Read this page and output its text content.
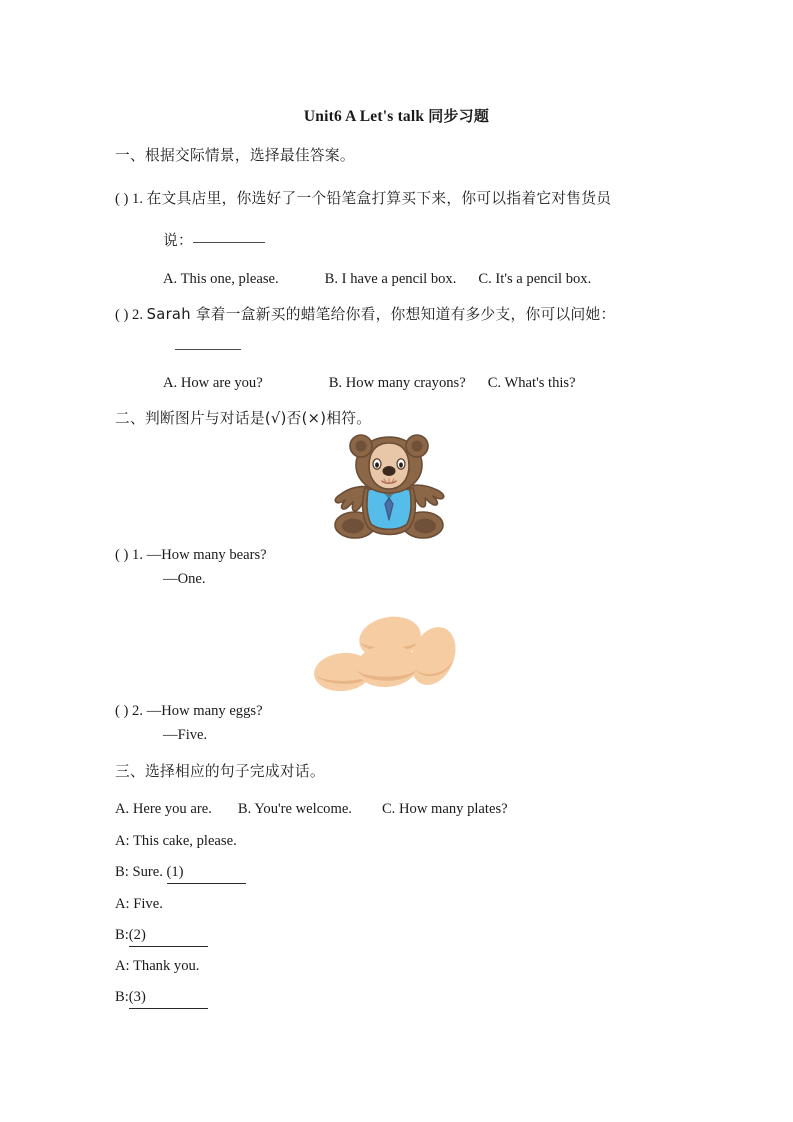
Unit6 A Let's talk 同步习题
一、根据交际情景，选择最佳答案。
( ) 1. 在文具店里，你选好了一个铅笔盒打算买下来，你可以指着它对售货员
说：
A. This one, please.	B. I have a pencil box. C. It's a pencil box.
( ) 2. Sarah 拿着一盒新买的蜡笔给你看，你想知道有多少支，你可以问她：
A. How are you?	B. How many crayons? C. What's this?
二、判断图片与对话是(√)否(×)相符。
( ) 1. —How many bears?
—One.
( ) 2. —How many eggs?
—Five.
三、选择相应的句子完成对话。
A. Here you are. B. You're welcome. C. How many plates?
A: This cake, please.
B: Sure. (1)
A: Five.
B:(2)
A: Thank you.
B:(3)
